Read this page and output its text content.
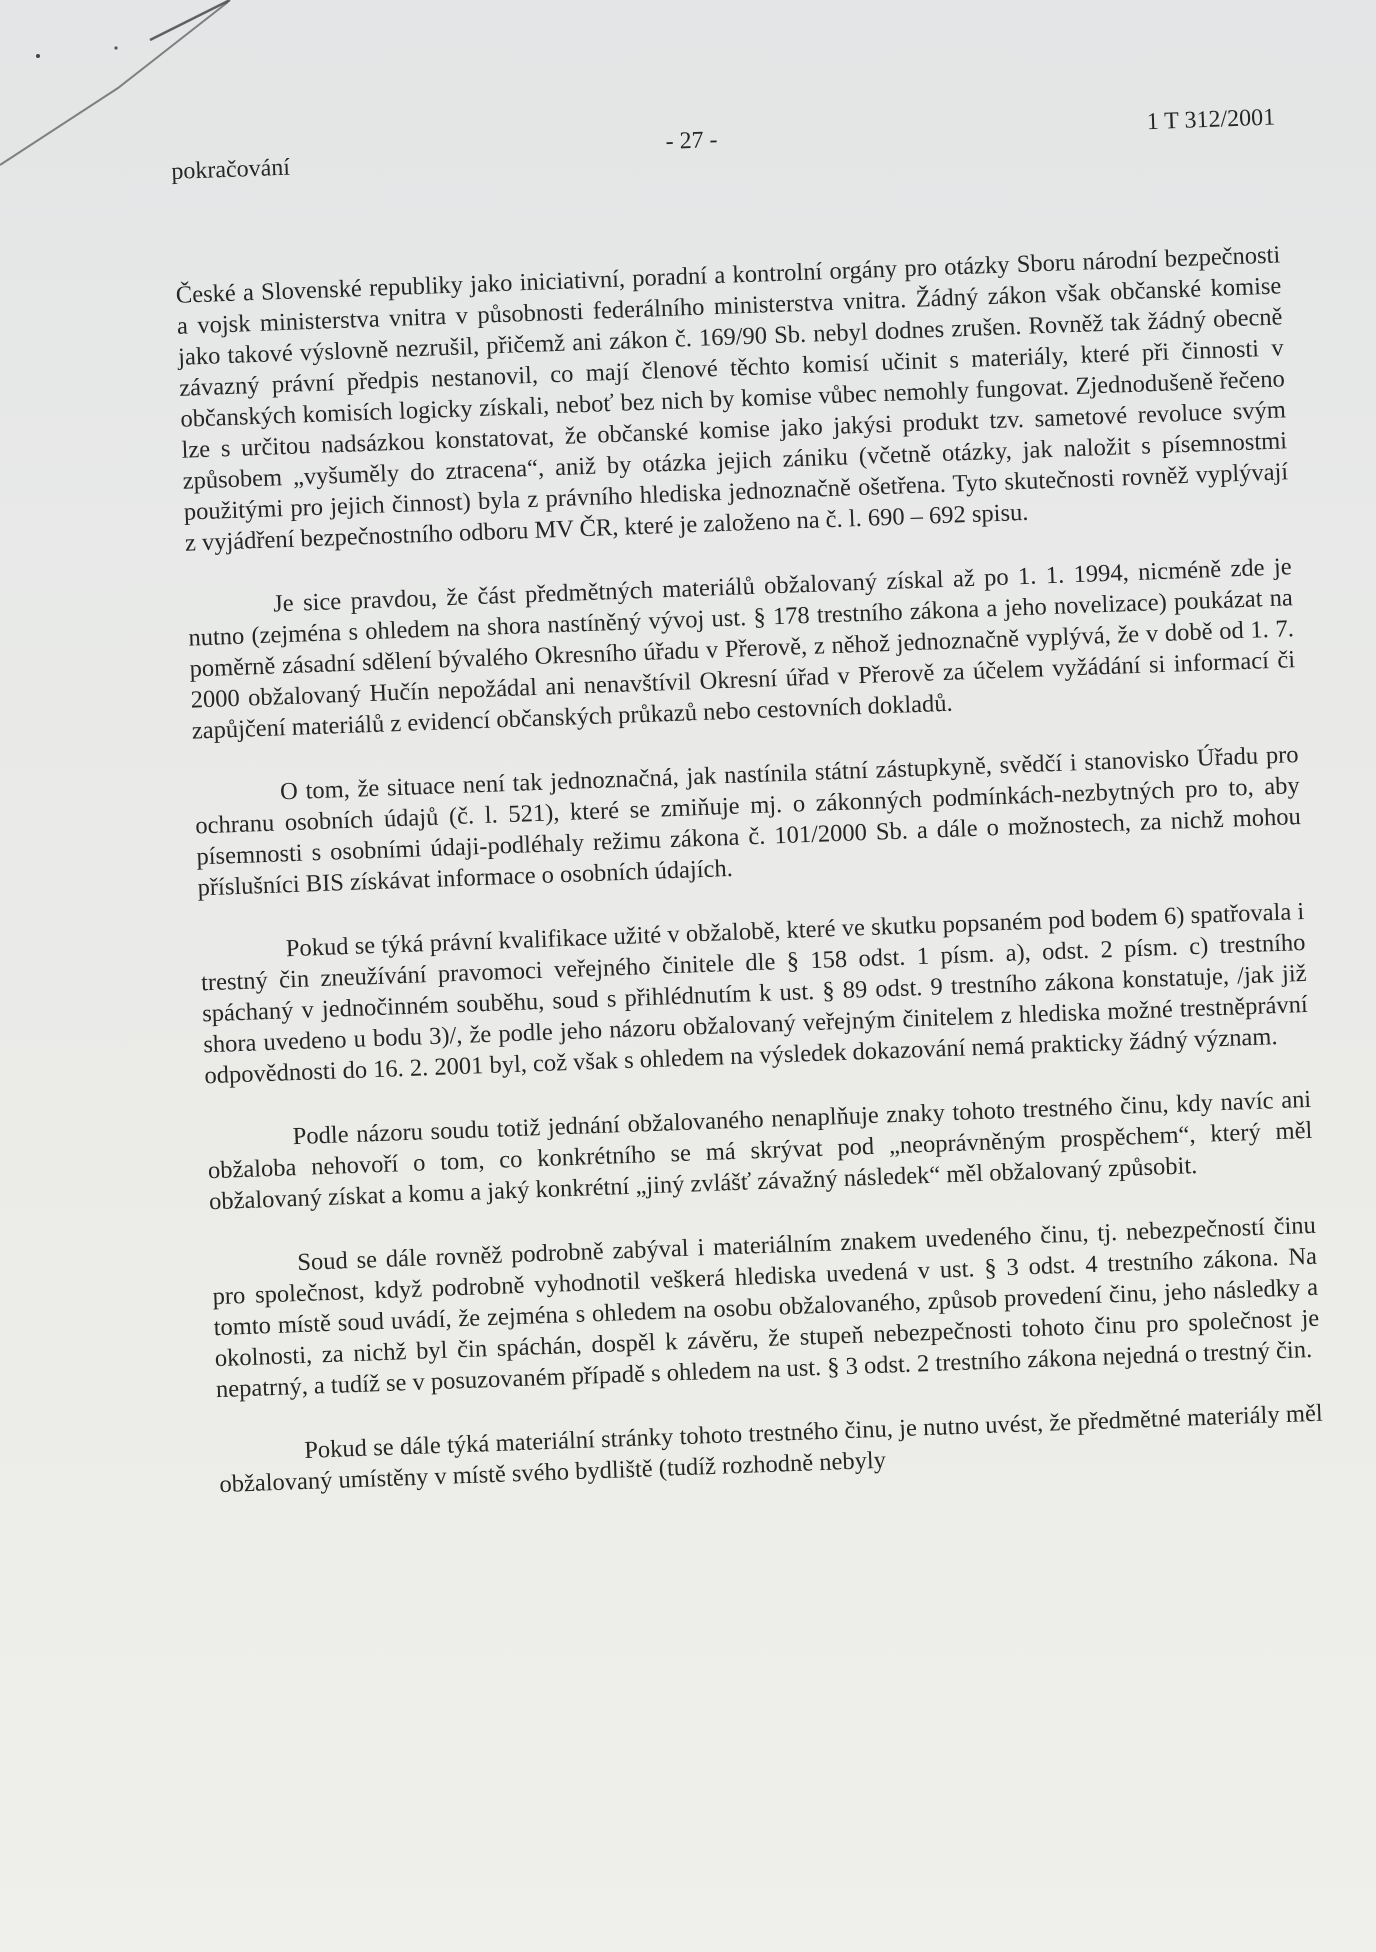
pokračování
- 27 -
1 T 312/2001

České a Slovenské republiky jako iniciativní, poradní a kontrolní orgány pro otázky Sboru národní bezpečnosti a vojsk ministerstva vnitra v působnosti federálního ministerstva vnitra. Žádný zákon však občanské komise jako takové výslovně nezrušil, přičemž ani zákon č. 169/90 Sb. nebyl dodnes zrušen. Rovněž tak žádný obecně závazný právní předpis nestanovil, co mají členové těchto komisí učinit s materiály, které při činnosti v občanských komisích logicky získali, neboť bez nich by komise vůbec nemohly fungovat. Zjednodušeně řečeno lze s určitou nadsázkou konstatovat, že občanské komise jako jakýsi produkt tzv. sametové revoluce svým způsobem „vyšuměly do ztracena“, aniž by otázka jejich zániku (včetně otázky, jak naložit s písemnostmi použitými pro jejich činnost) byla z právního hlediska jednoznačně ošetřena. Tyto skutečnosti rovněž vyplývají z vyjádření bezpečnostního odboru MV ČR, které je založeno na č. l. 690 – 692 spisu.

Je sice pravdou, že část předmětných materiálů obžalovaný získal až po 1. 1. 1994, nicméně zde je nutno (zejména s ohledem na shora nastíněný vývoj ust. § 178 trestního zákona a jeho novelizace) poukázat na poměrně zásadní sdělení bývalého Okresního úřadu v Přerově, z něhož jednoznačně vyplývá, že v době od 1. 7. 2000 obžalovaný Hučín nepožádal ani nenavštívil Okresní úřad v Přerově za účelem vyžádání si informací či zapůjčení materiálů z evidencí občanských průkazů nebo cestovních dokladů.

O tom, že situace není tak jednoznačná, jak nastínila státní zástupkyně, svědčí i stanovisko Úřadu pro ochranu osobních údajů (č. l. 521), které se zmiňuje mj. o zákonných podmínkách-nezbytných pro to, aby písemnosti s osobními údaji-podléhaly režimu zákona č. 101/2000 Sb. a dále o možnostech, za nichž mohou příslušníci BIS získávat informace o osobních údajích.

Pokud se týká právní kvalifikace užité v obžalobě, které ve skutku popsaném pod bodem 6) spatřovala i trestný čin zneužívání pravomoci veřejného činitele dle § 158 odst. 1 písm. a), odst. 2 písm. c) trestního spáchaný v jednočinném souběhu, soud s přihlédnutím k ust. § 89 odst. 9 trestního zákona konstatuje, /jak již shora uvedeno u bodu 3)/, že podle jeho názoru obžalovaný veřejným činitelem z hlediska možné trestněprávní odpovědnosti do 16. 2. 2001 byl, což však s ohledem na výsledek dokazování nemá prakticky žádný význam.

Podle názoru soudu totiž jednání obžalovaného nenaplňuje znaky tohoto trestného činu, kdy navíc ani obžaloba nehovoří o tom, co konkrétního se má skrývat pod „neoprávněným prospěchem“, který měl obžalovaný získat a komu a jaký konkrétní „jiný zvlášť závažný následek“ měl obžalovaný způsobit.

Soud se dále rovněž podrobně zabýval i materiálním znakem uvedeného činu, tj. nebezpečností činu pro společnost, když podrobně vyhodnotil veškerá hlediska uvedená v ust. § 3 odst. 4 trestního zákona. Na tomto místě soud uvádí, že zejména s ohledem na osobu obžalovaného, způsob provedení činu, jeho následky a okolnosti, za nichž byl čin spáchán, dospěl k závěru, že stupeň nebezpečnosti tohoto činu pro společnost je nepatrný, a tudíž se v posuzovaném případě s ohledem na ust. § 3 odst. 2 trestního zákona nejedná o trestný čin.

Pokud se dále týká materiální stránky tohoto trestného činu, je nutno uvést, že předmětné materiály měl obžalovaný umístěny v místě svého bydliště (tudíž rozhodně nebyly
